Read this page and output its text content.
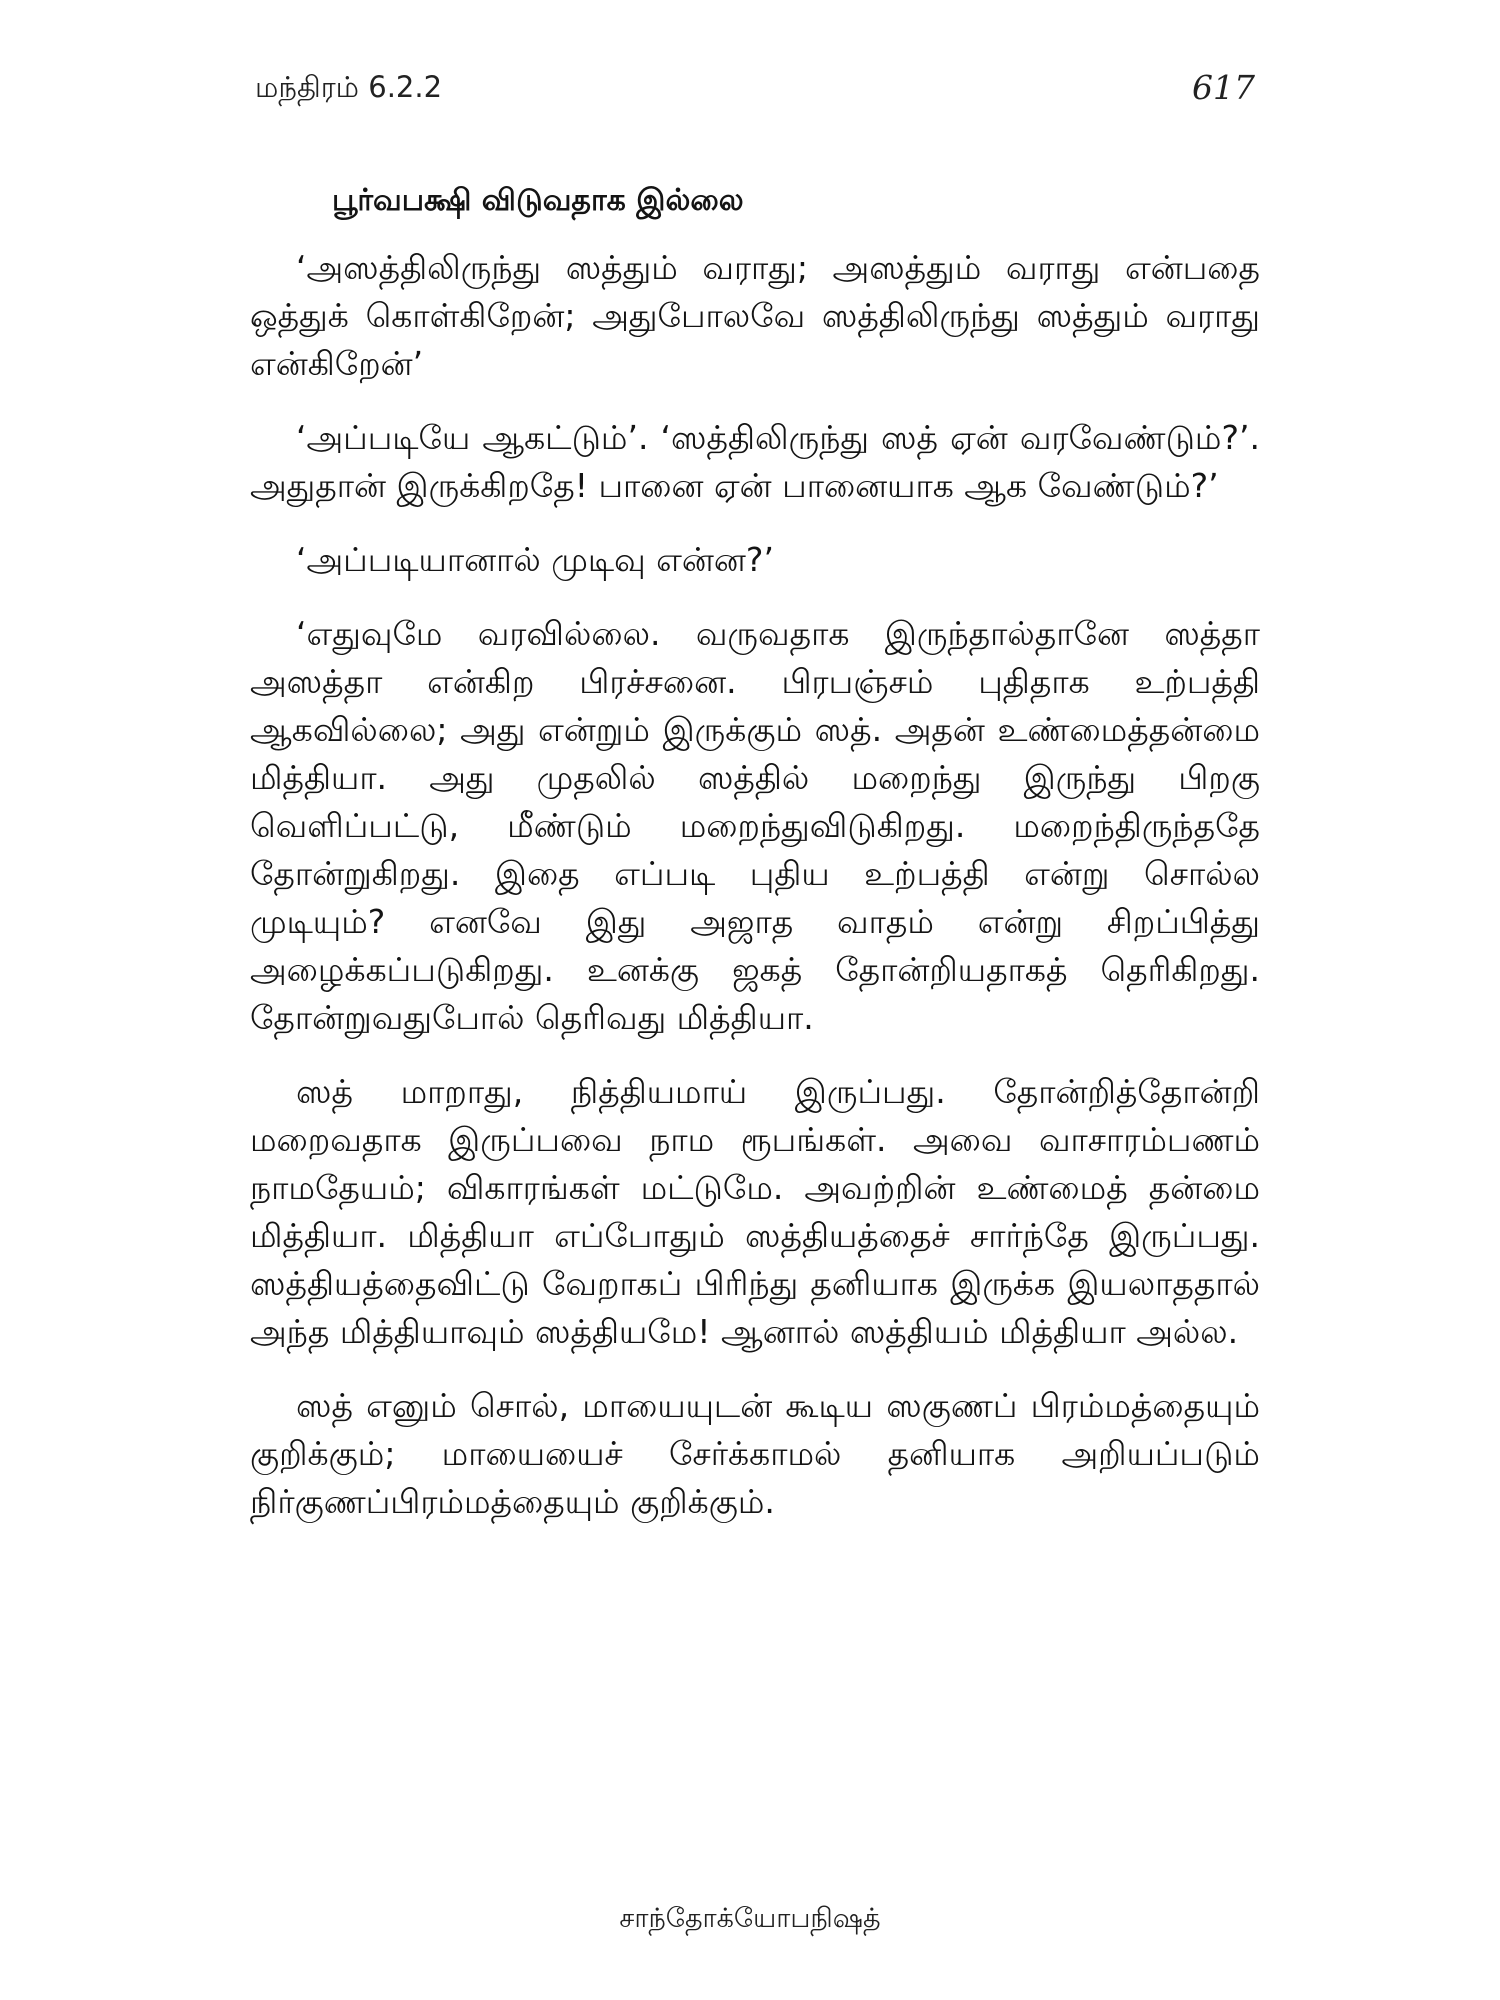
மந்திரம் 6.2.2	617

பூர்வபக்ஷி விடுவதாக இல்லை

‘அஸத்திலிருந்து ஸத்தும் வராது; அஸத்தும் வராது என்பதை ஒத்துக் கொள்கிறேன்; அதுபோலவே ஸத்திலிருந்து ஸத்தும் வராது என்கிறேன்’

‘அப்படியே ஆகட்டும்’. ‘ஸத்திலிருந்து ஸத் ஏன் வரவேண்டும்?’. அதுதான் இருக்கிறதே! பானை ஏன் பானையாக ஆக வேண்டும்?’

‘அப்படியானால் முடிவு என்ன?’

‘எதுவுமே வரவில்லை. வருவதாக இருந்தால்தானே ஸத்தா அஸத்தா என்கிற பிரச்சனை. பிரபஞ்சம் புதிதாக உற்பத்தி ஆகவில்லை; அது என்றும் இருக்கும் ஸத். அதன் உண்மைத்தன்மை மித்தியா. அது முதலில் ஸத்தில் மறைந்து இருந்து பிறகு வெளிப்பட்டு, மீண்டும் மறைந்துவிடுகிறது. மறைந்திருந்ததே தோன்றுகிறது. இதை எப்படி புதிய உற்பத்தி என்று சொல்ல முடியும்? எனவே இது அஜாத வாதம் என்று சிறப்பித்து அழைக்கப்படுகிறது. உனக்கு ஜகத் தோன்றியதாகத் தெரிகிறது. தோன்றுவதுபோல் தெரிவது மித்தியா.

ஸத் மாறாது, நித்தியமாய் இருப்பது. தோன்றித்தோன்றி மறைவதாக இருப்பவை நாம ரூபங்கள். அவை வாசாரம்பணம் நாமதேயம்; விகாரங்கள் மட்டுமே. அவற்றின் உண்மைத் தன்மை மித்தியா. மித்தியா எப்போதும் ஸத்தியத்தைச் சார்ந்தே இருப்பது. ஸத்தியத்தைவிட்டு வேறாகப் பிரிந்து தனியாக இருக்க இயலாததால் அந்த மித்தியாவும் ஸத்தியமே! ஆனால் ஸத்தியம் மித்தியா அல்ல.

ஸத் எனும் சொல், மாயையுடன் கூடிய ஸகுணப் பிரம்மத்தையும் குறிக்கும்; மாயையைச் சேர்க்காமல் தனியாக அறியப்படும் நிர்குணப்பிரம்மத்தையும் குறிக்கும்.

சாந்தோக்யோபநிஷத்
